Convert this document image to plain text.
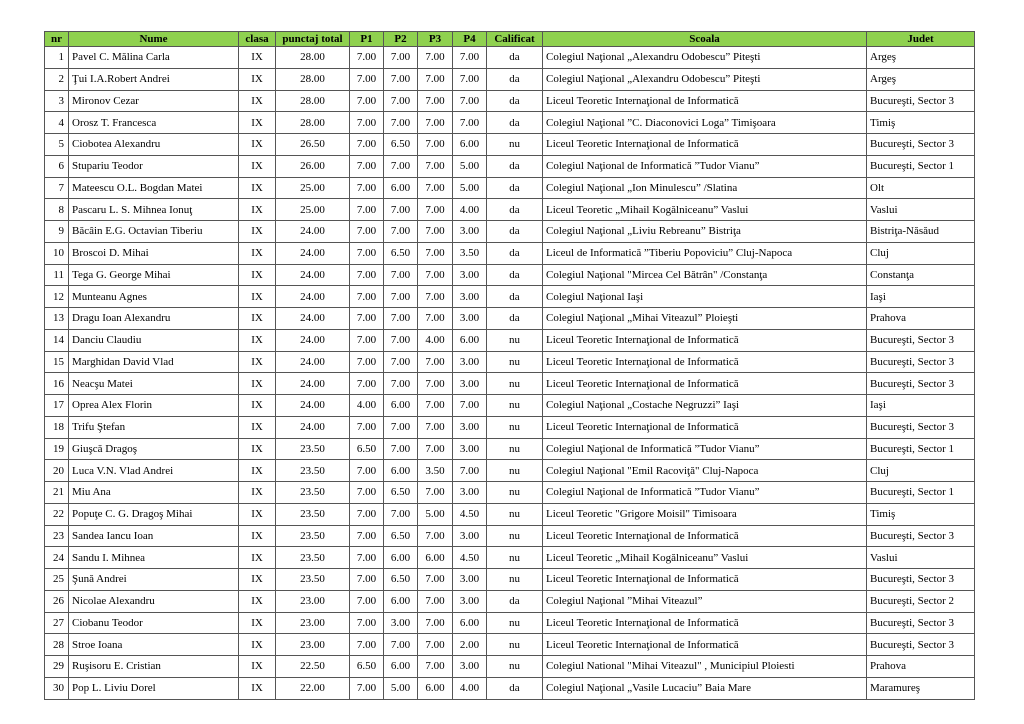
nr	Nume	clasa	punctaj total	P1	P2	P3	P4	Calificat	Scoala	Judet
1	Pavel C. Mălina Carla	IX	28.00	7.00	7.00	7.00	7.00	da	Colegiul Naţional „Alexandru Odobescu” Piteşti	Argeş
2	Ţui I.A.Robert Andrei	IX	28.00	7.00	7.00	7.00	7.00	da	Colegiul Naţional „Alexandru Odobescu” Piteşti	Argeş
3	Mironov Cezar	IX	28.00	7.00	7.00	7.00	7.00	da	Liceul Teoretic Internaţional de Informatică	Bucureşti, Sector 3
4	Orosz T. Francesca	IX	28.00	7.00	7.00	7.00	7.00	da	Colegiul Naţional ”C. Diaconovici Loga” Timişoara	Timiş
5	Ciobotea Alexandru	IX	26.50	7.00	6.50	7.00	6.00	nu	Liceul Teoretic Internaţional de Informatică	Bucureşti, Sector 3
6	Stupariu Teodor	IX	26.00	7.00	7.00	7.00	5.00	da	Colegiul Naţional de Informatică ”Tudor Vianu”	Bucureşti, Sector 1
7	Mateescu O.L. Bogdan Matei	IX	25.00	7.00	6.00	7.00	5.00	da	Colegiul Naţional „Ion Minulescu” /Slatina	Olt
8	Pascaru L. S. Mihnea Ionuţ	IX	25.00	7.00	7.00	7.00	4.00	da	Liceul Teoretic „Mihail Kogălniceanu” Vaslui	Vaslui
9	Băcâin E.G. Octavian Tiberiu	IX	24.00	7.00	7.00	7.00	3.00	da	Colegiul Naţional „Liviu Rebreanu” Bistriţa	Bistriţa-Năsăud
10	Broscoi D. Mihai	IX	24.00	7.00	6.50	7.00	3.50	da	Liceul de Informatică ”Tiberiu Popoviciu” Cluj-Napoca	Cluj
11	Tega G. George Mihai	IX	24.00	7.00	7.00	7.00	3.00	da	Colegiul Naţional "Mircea Cel Bătrân" /Constanţa	Constanţa
12	Munteanu Agnes	IX	24.00	7.00	7.00	7.00	3.00	da	Colegiul Naţional Iaşi	Iaşi
13	Dragu Ioan Alexandru	IX	24.00	7.00	7.00	7.00	3.00	da	Colegiul Naţional „Mihai Viteazul” Ploieşti	Prahova
14	Danciu Claudiu	IX	24.00	7.00	7.00	4.00	6.00	nu	Liceul Teoretic Internaţional de Informatică	Bucureşti, Sector 3
15	Marghidan David Vlad	IX	24.00	7.00	7.00	7.00	3.00	nu	Liceul Teoretic Internaţional de Informatică	Bucureşti, Sector 3
16	Neacşu Matei	IX	24.00	7.00	7.00	7.00	3.00	nu	Liceul Teoretic Internaţional de Informatică	Bucureşti, Sector 3
17	Oprea Alex Florin	IX	24.00	4.00	6.00	7.00	7.00	nu	Colegiul Naţional „Costache Negruzzi” Iaşi	Iaşi
18	Trifu Ştefan	IX	24.00	7.00	7.00	7.00	3.00	nu	Liceul Teoretic Internaţional de Informatică	Bucureşti, Sector 3
19	Giuşcă Dragoş	IX	23.50	6.50	7.00	7.00	3.00	nu	Colegiul Naţional de Informatică ”Tudor Vianu”	Bucureşti, Sector 1
20	Luca V.N. Vlad Andrei	IX	23.50	7.00	6.00	3.50	7.00	nu	Colegiul Naţional "Emil Racoviţă" Cluj-Napoca	Cluj
21	Miu Ana	IX	23.50	7.00	6.50	7.00	3.00	nu	Colegiul Naţional de Informatică ”Tudor Vianu”	Bucureşti, Sector 1
22	Popuţe C. G. Dragoş Mihai	IX	23.50	7.00	7.00	5.00	4.50	nu	Liceul Teoretic "Grigore Moisil" Timisoara	Timiş
23	Sandea Iancu Ioan	IX	23.50	7.00	6.50	7.00	3.00	nu	Liceul Teoretic Internaţional de Informatică	Bucureşti, Sector 3
24	Sandu I. Mihnea	IX	23.50	7.00	6.00	6.00	4.50	nu	Liceul Teoretic „Mihail Kogălniceanu” Vaslui	Vaslui
25	Şună Andrei	IX	23.50	7.00	6.50	7.00	3.00	nu	Liceul Teoretic Internaţional de Informatică	Bucureşti, Sector 3
26	Nicolae Alexandru	IX	23.00	7.00	6.00	7.00	3.00	da	Colegiul Naţional ”Mihai Viteazul”	Bucureşti, Sector 2
27	Ciobanu Teodor	IX	23.00	7.00	3.00	7.00	6.00	nu	Liceul Teoretic Internaţional de Informatică	Bucureşti, Sector 3
28	Stroe Ioana	IX	23.00	7.00	7.00	7.00	2.00	nu	Liceul Teoretic Internaţional de Informatică	Bucureşti, Sector 3
29	Ruşisoru E. Cristian	IX	22.50	6.50	6.00	7.00	3.00	nu	Colegiul National "Mihai Viteazul" , Municipiul Ploiesti	Prahova
30	Pop L. Liviu Dorel	IX	22.00	7.00	5.00	6.00	4.00	da	Colegiul Naţional „Vasile Lucaciu” Baia Mare	Maramureş
